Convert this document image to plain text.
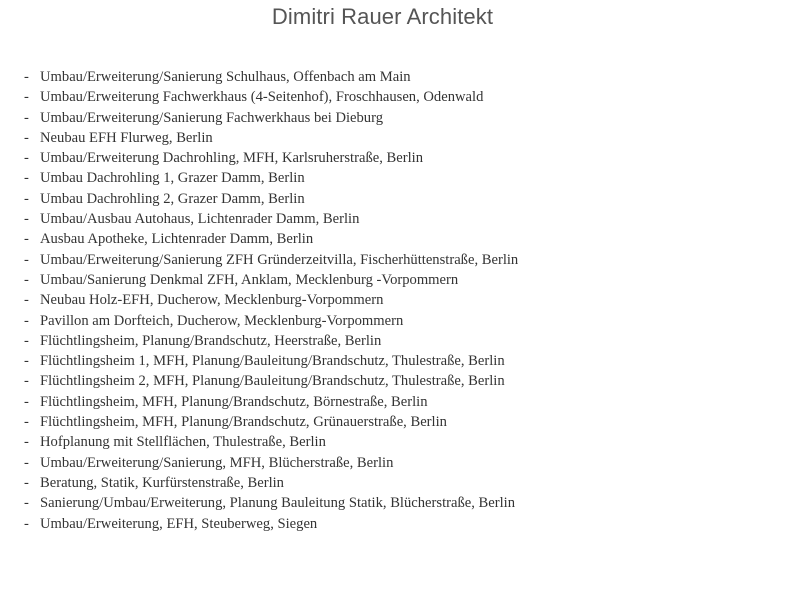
Dimitri Rauer Architekt
- Umbau/Erweiterung/Sanierung Schulhaus, Offenbach am Main
- Umbau/Erweiterung Fachwerkhaus (4-Seitenhof), Froschhausen, Odenwald
- Umbau/Erweiterung/Sanierung Fachwerkhaus bei Dieburg
- Neubau EFH Flurweg, Berlin
- Umbau/Erweiterung Dachrohling, MFH, Karlsruherstraße, Berlin
- Umbau Dachrohling 1, Grazer Damm, Berlin
- Umbau Dachrohling 2, Grazer Damm, Berlin
- Umbau/Ausbau Autohaus, Lichtenrader Damm, Berlin
- Ausbau Apotheke, Lichtenrader Damm, Berlin
- Umbau/Erweiterung/Sanierung ZFH Gründerzeitvilla, Fischerhüttenstraße, Berlin
- Umbau/Sanierung Denkmal ZFH, Anklam, Mecklenburg -Vorpommern
- Neubau Holz-EFH, Ducherow, Mecklenburg-Vorpommern
- Pavillon am Dorfteich, Ducherow, Mecklenburg-Vorpommern
- Flüchtlingsheim, Planung/Brandschutz, Heerstraße, Berlin
- Flüchtlingsheim 1, MFH, Planung/Bauleitung/Brandschutz, Thulestraße, Berlin
- Flüchtlingsheim 2, MFH, Planung/Bauleitung/Brandschutz, Thulestraße, Berlin
- Flüchtlingsheim, MFH, Planung/Brandschutz, Börnestraße, Berlin
- Flüchtlingsheim, MFH, Planung/Brandschutz, Grünauerstraße, Berlin
- Hofplanung mit Stellflächen, Thulestraße, Berlin
- Umbau/Erweiterung/Sanierung, MFH, Blücherstraße, Berlin
- Beratung, Statik, Kurfürstenstraße, Berlin
- Sanierung/Umbau/Erweiterung, Planung Bauleitung Statik, Blücherstraße, Berlin
- Umbau/Erweiterung, EFH, Steuberweg, Siegen
